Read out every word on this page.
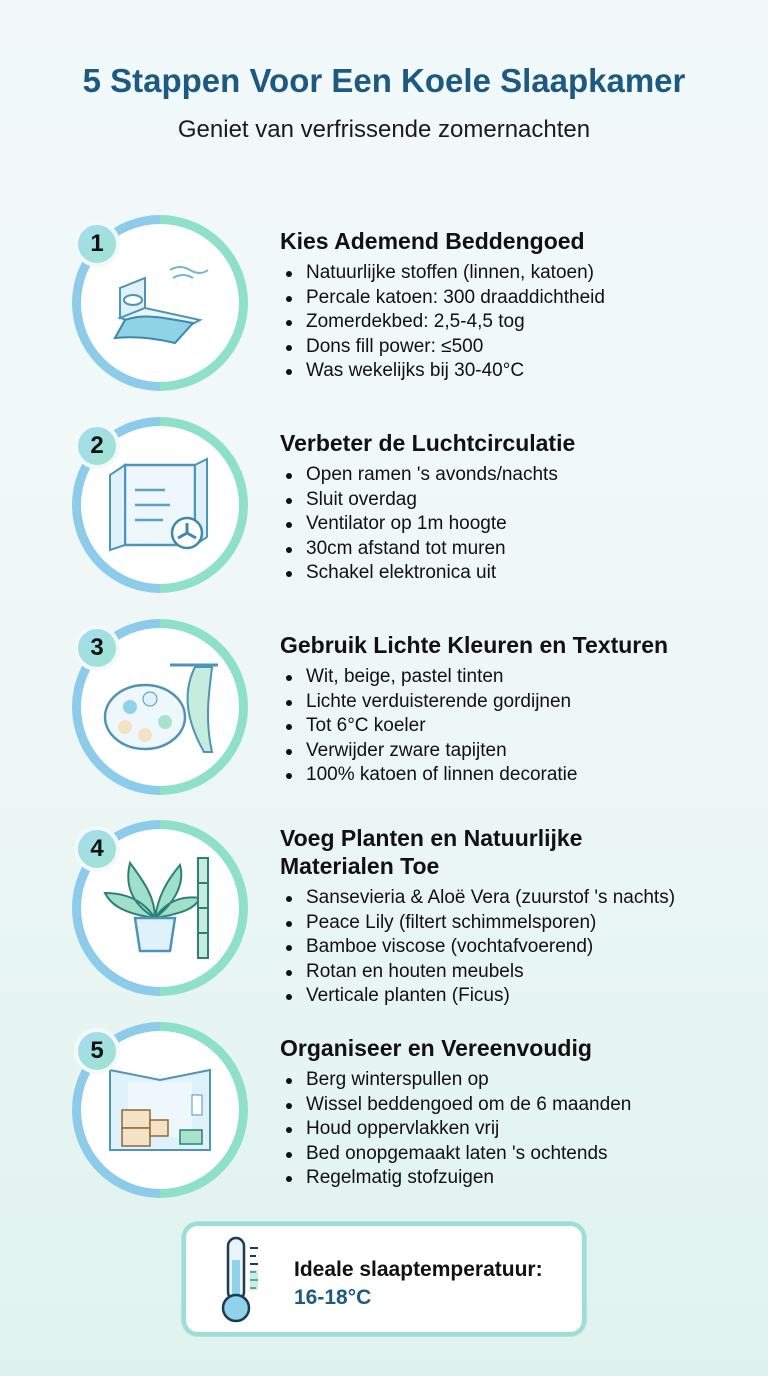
5 Stappen Voor Een Koele Slaapkamer
Geniet van verfrissende zomernachten
1	Kies Ademend Beddengoed
Natuurlijke stoffen (linnen, katoen)
Percale katoen: 300 draaddichtheid
Zomerdekbed: 2,5-4,5 tog
Dons fill power: ≤500
Was wekelijks bij 30-40°C
2	Verbeter de Luchtcirculatie
Open ramen 's avonds/nachts
Sluit overdag
Ventilator op 1m hoogte
30cm afstand tot muren
Schakel elektronica uit
3	Gebruik Lichte Kleuren en Texturen
Wit, beige, pastel tinten
Lichte verduisterende gordijnen
Tot 6°C koeler
Verwijder zware tapijten
100% katoen of linnen decoratie
4	Voeg Planten en Natuurlijke Materialen Toe
Sansevieria & Aloë Vera (zuurstof 's nachts)
Peace Lily (filtert schimmelsporen)
Bamboe viscose (vochtafvoerend)
Rotan en houten meubels
Verticale planten (Ficus)
5	Organiseer en Vereenvoudig
Berg winterspullen op
Wissel beddengoed om de 6 maanden
Houd oppervlakken vrij
Bed onopgemaakt laten 's ochtends
Regelmatig stofzuigen
Ideale slaaptemperatuur:
16-18°C
